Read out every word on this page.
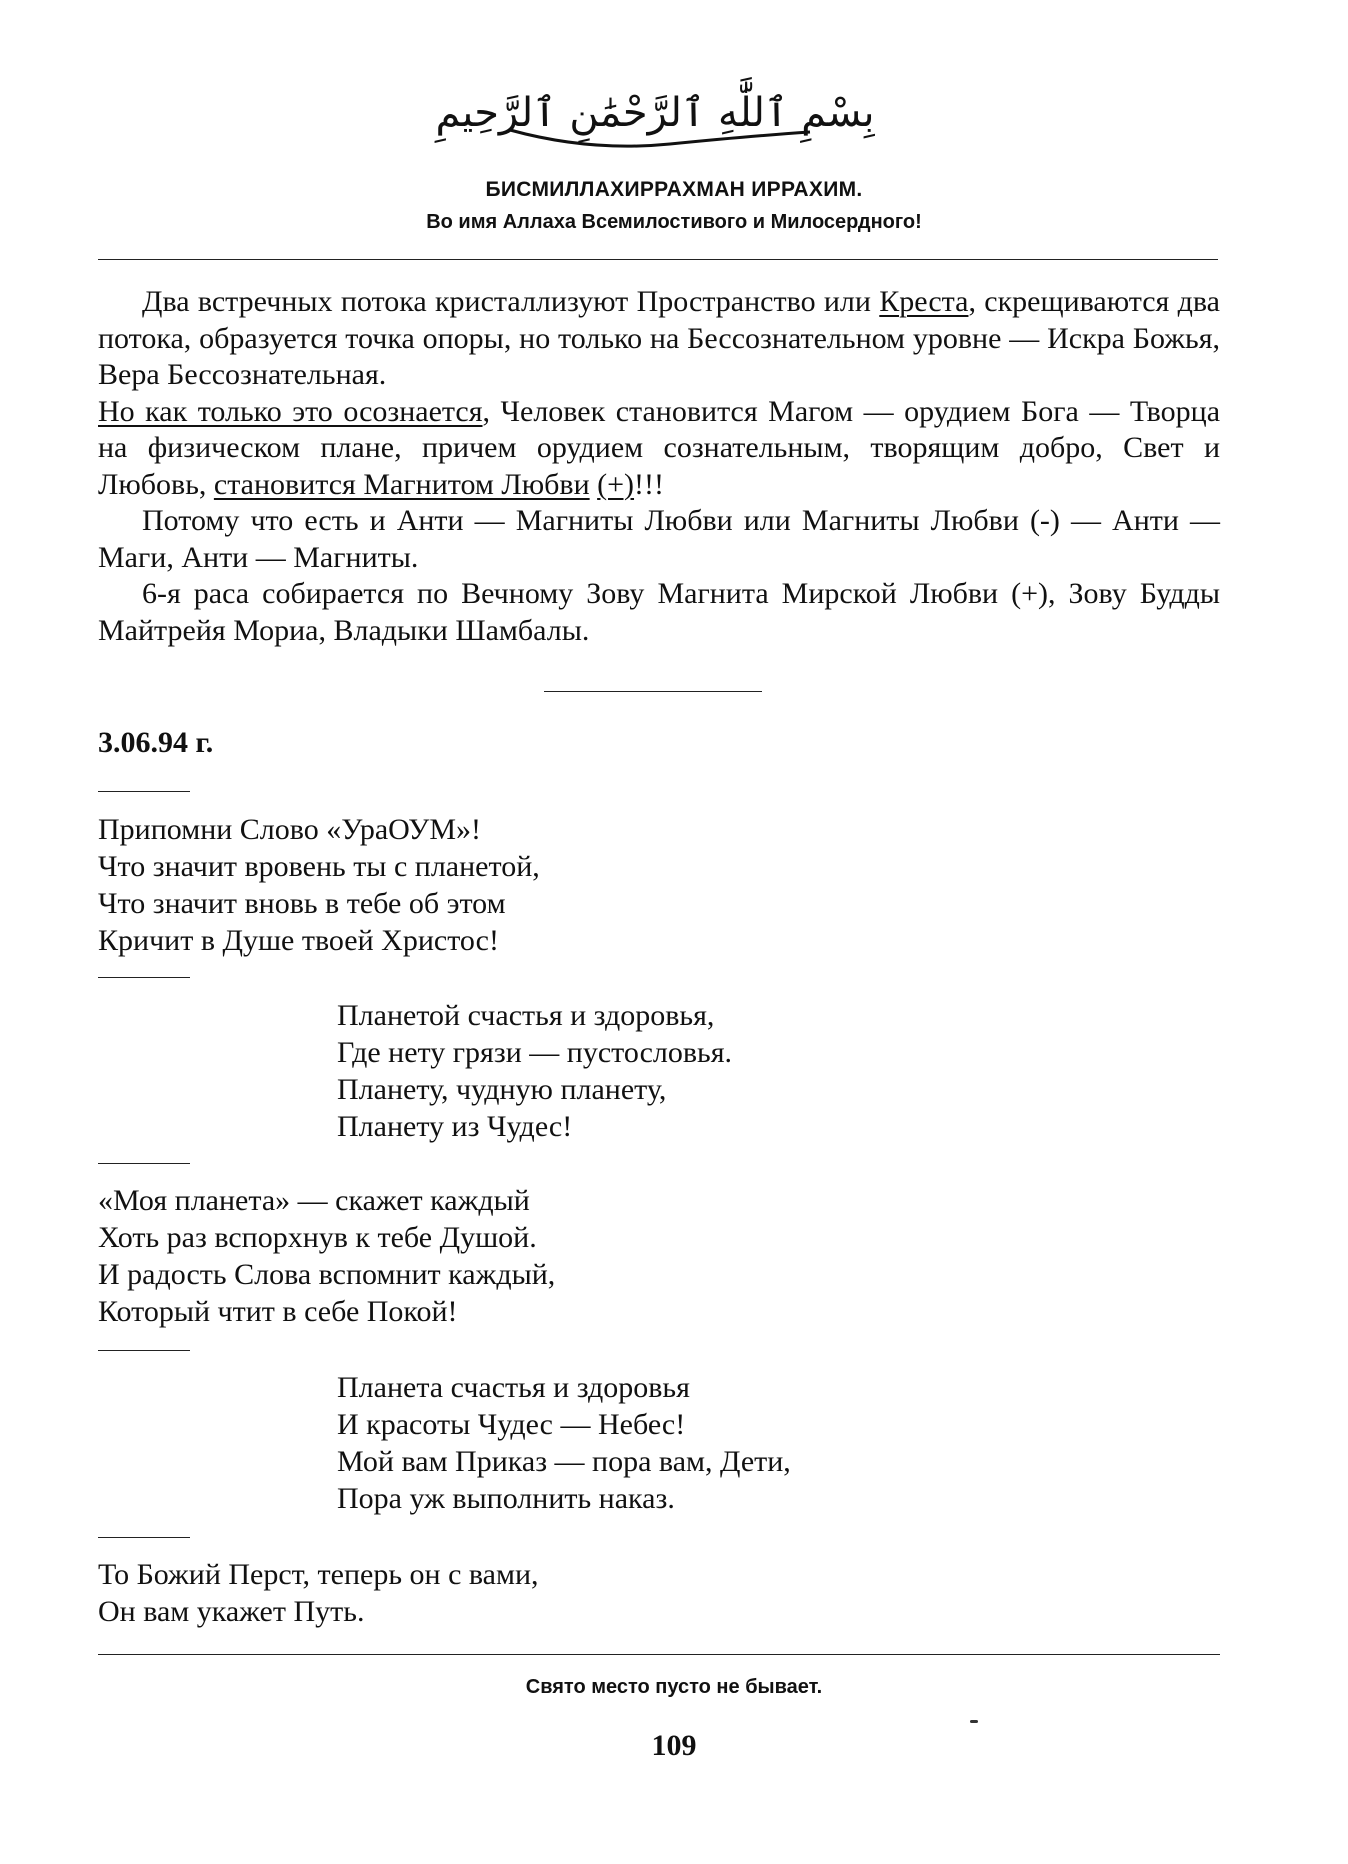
بِسْمِ ٱللَّٰهِ ٱلرَّحْمَٰنِ ٱلرَّحِيمِ
БИСМИЛЛАХИРРАХМАН ИРРАХИМ.
Во имя Аллаха Всемилостивого и Милосердного!

Два встречных потока кристаллизуют Пространство или Креста, скрещиваются два потока, образуется точка опоры, но только на Бессознательном уровне — Искра Божья, Вера Бессознательная.

Но как только это осознается, Человек становится Магом — орудием Бога — Творца на физическом плане, причем орудием сознательным, творящим добро, Свет и Любовь, становится Магнитом Любви (+)!!!

Потому что есть и Анти — Магниты Любви или Магниты Любви (-) — Анти — Маги, Анти — Магниты.

6-я раса собирается по Вечному Зову Магнита Мирской Любви (+), Зову Будды Майтрейя Мориа, Владыки Шамбалы.

3.06.94 г.
Припомни Слово «УраОУМ»!
Что значит вровень ты с планетой,
Что значит вновь в тебе об этом
Кричит в Душе твоей Христос!
Планетой счастья и здоровья,
Где нету грязи — пустословья.
Планету, чудную планету,
Планету из Чудес!
«Моя планета» — скажет каждый
Хоть раз вспорхнув к тебе Душой.
И радость Слова вспомнит каждый,
Который чтит в себе Покой!
Планета счастья и здоровья
И красоты Чудес — Небес!
Мой вам Приказ — пора вам, Дети,
Пора уж выполнить наказ.
То Божий Перст, теперь он с вами,
Он вам укажет Путь.
Свято место пусто не бывает.
109
